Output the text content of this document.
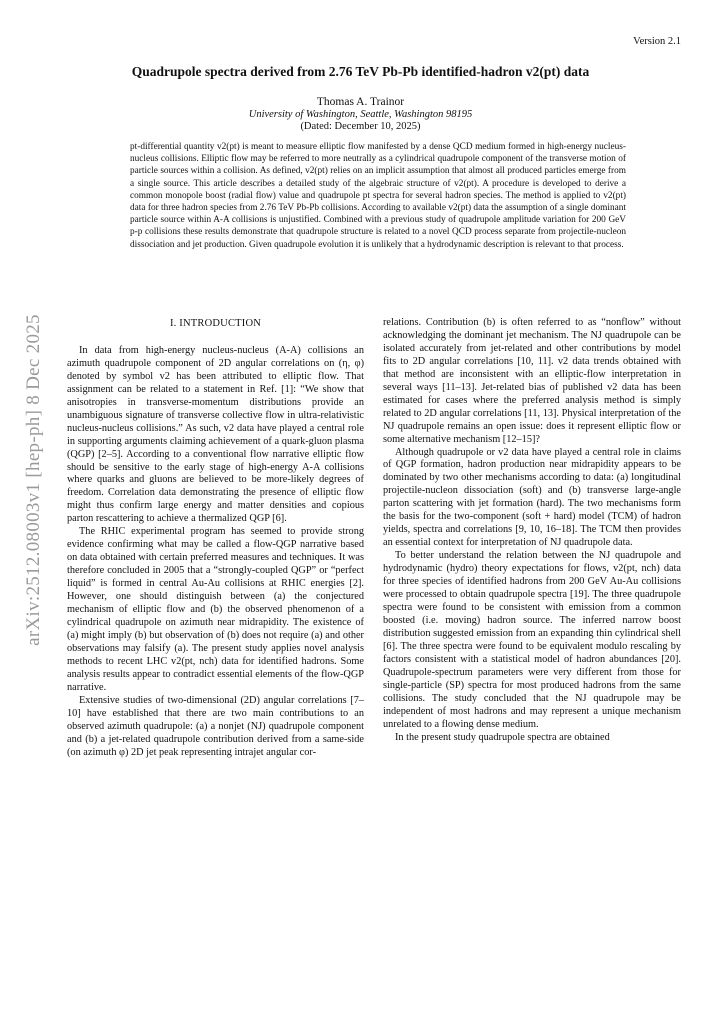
Version 2.1
Quadrupole spectra derived from 2.76 TeV Pb-Pb identified-hadron v2(pt) data
Thomas A. Trainor
University of Washington, Seattle, Washington 98195
(Dated: December 10, 2025)
pt-differential quantity v2(pt) is meant to measure elliptic flow manifested by a dense QCD medium formed in high-energy nucleus-nucleus collisions. Elliptic flow may be referred to more neutrally as a cylindrical quadrupole component of the transverse motion of particle sources within a collision. As defined, v2(pt) relies on an implicit assumption that almost all produced particles emerge from a single source. This article describes a detailed study of the algebraic structure of v2(pt). A procedure is developed to derive a common monopole boost (radial flow) value and quadrupole pt spectra for several hadron species. The method is applied to v2(pt) data for three hadron species from 2.76 TeV Pb-Pb collisions. According to available v2(pt) data the assumption of a single dominant particle source within A-A collisions is unjustified. Combined with a previous study of quadrupole amplitude variation for 200 GeV p-p collisions these results demonstrate that quadrupole structure is related to a novel QCD process separate from projectile-nucleon dissociation and jet production. Given quadrupole evolution it is unlikely that a hydrodynamic description is relevant to that process.
arXiv:2512.08003v1 [hep-ph] 8 Dec 2025	I. INTRODUCTION

In data from high-energy nucleus-nucleus (A-A) collisions an azimuth quadrupole component of 2D angular correlations on (η, φ) denoted by symbol v2 has been attributed to elliptic flow. That assignment can be related to a statement in Ref. [1]: “We show that anisotropies in transverse-momentum distributions provide an unambiguous signature of transverse collective flow in ultra-relativistic nucleus-nucleus collisions.” As such, v2 data have played a central role in supporting arguments claiming achievement of a quark-gluon plasma (QGP) [2–5]. According to a conventional flow narrative elliptic flow should be sensitive to the early stage of high-energy A-A collisions where quarks and gluons are believed to be more-likely degrees of freedom. Correlation data demonstrating the presence of elliptic flow might thus confirm large energy and matter densities and copious parton rescattering to achieve a thermalized QGP [6].

The RHIC experimental program has seemed to provide strong evidence confirming what may be called a flow-QGP narrative based on data obtained with certain preferred measures and techniques. It was therefore concluded in 2005 that a “strongly-coupled QGP” or “perfect liquid” is formed in central Au-Au collisions at RHIC energies [2]. However, one should distinguish between (a) the conjectured mechanism of elliptic flow and (b) the observed phenomenon of a cylindrical quadrupole on azimuth near midrapidity. The existence of (a) might imply (b) but observation of (b) does not require (a) and other observations may falsify (a). The present study applies novel analysis methods to recent LHC v2(pt, nch) data for identified hadrons. Some analysis results appear to contradict essential elements of the flow-QGP narrative.

Extensive studies of two-dimensional (2D) angular correlations [7–10] have established that there are two main contributions to an observed azimuth quadrupole: (a) a nonjet (NJ) quadrupole component and (b) a jet-related quadrupole contribution derived from a same-side (on azimuth φ) 2D jet peak representing intrajet angular cor-

relations. Contribution (b) is often referred to as “nonflow” without acknowledging the dominant jet mechanism. The NJ quadrupole can be isolated accurately from jet-related and other contributions by model fits to 2D angular correlations [10, 11]. v2 data trends obtained with that method are inconsistent with an elliptic-flow interpretation in several ways [11–13]. Jet-related bias of published v2 data has been estimated for cases where the preferred analysis method is simply related to 2D angular correlations [11, 13]. Physical interpretation of the NJ quadrupole remains an open issue: does it represent elliptic flow or some alternative mechanism [12–15]?

Although quadrupole or v2 data have played a central role in claims of QGP formation, hadron production near midrapidity appears to be dominated by two other mechanisms according to data: (a) longitudinal projectile-nucleon dissociation (soft) and (b) transverse large-angle parton scattering with jet formation (hard). The two mechanisms form the basis for the two-component (soft + hard) model (TCM) of hadron yields, spectra and correlations [9, 10, 16–18]. The TCM then provides an essential context for interpretation of NJ quadrupole data.

To better understand the relation between the NJ quadrupole and hydrodynamic (hydro) theory expectations for flows, v2(pt, nch) data for three species of identified hadrons from 200 GeV Au-Au collisions were processed to obtain quadrupole spectra [19]. The three quadrupole spectra were found to be consistent with emission from a common boosted (i.e. moving) hadron source. The inferred narrow boost distribution suggested emission from an expanding thin cylindrical shell [6]. The three spectra were found to be equivalent modulo rescaling by factors consistent with a statistical model of hadron abundances [20]. Quadrupole-spectrum parameters were very different from those for single-particle (SP) spectra for most produced hadrons from the same collisions. The study concluded that the NJ quadrupole may be independent of most hadrons and may represent a unique mechanism unrelated to a flowing dense medium.

In the present study quadrupole spectra are obtained
